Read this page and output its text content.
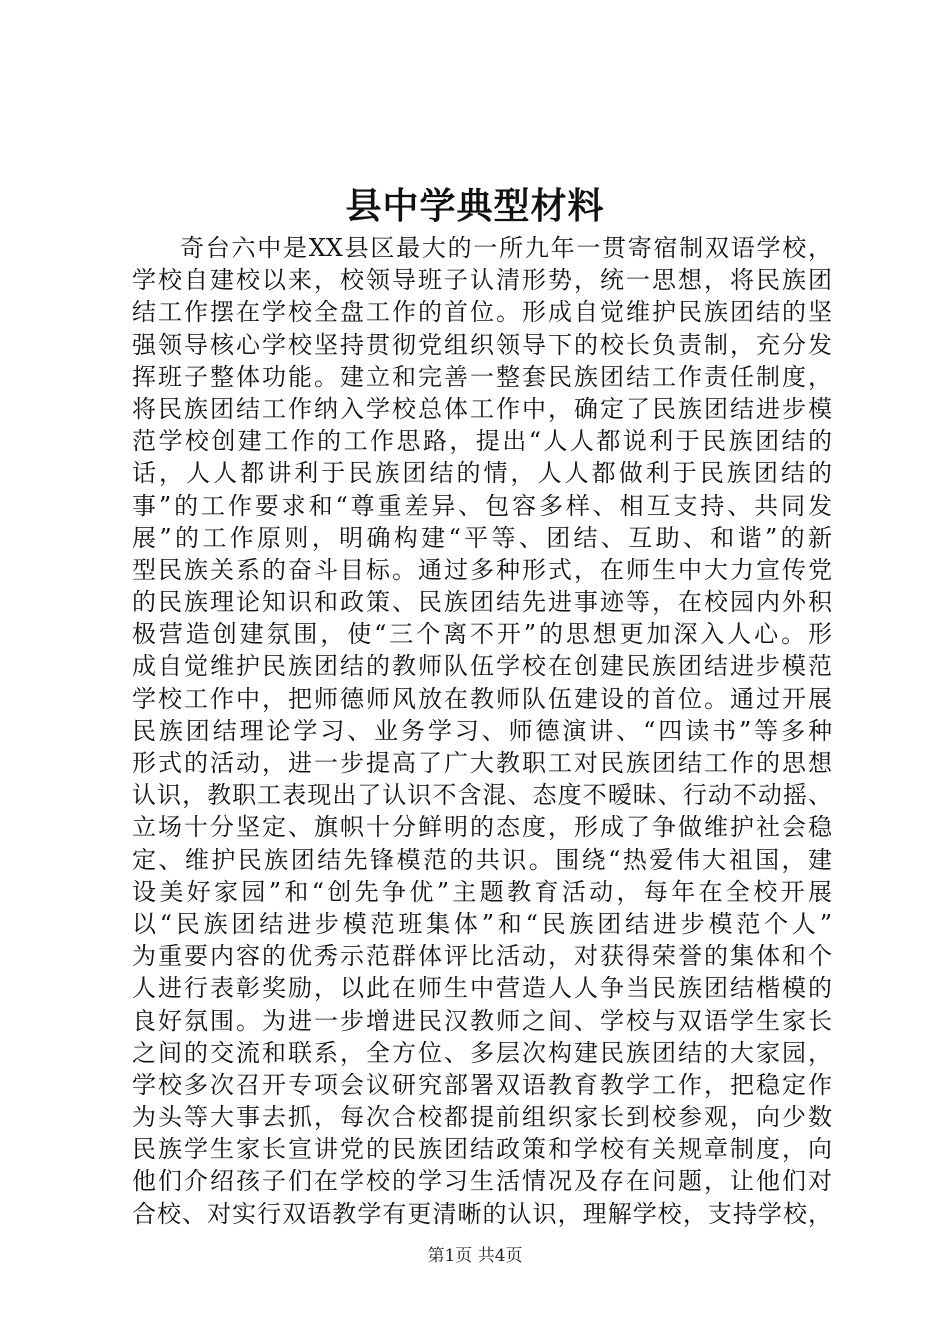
县中学典型材料
奇台六中是XX县区最大的一所九年一贯寄宿制双语学校，
学校自建校以来，校领导班子认清形势，统一思想，将民族团
结工作摆在学校全盘工作的首位。形成自觉维护民族团结的坚
强领导核心学校坚持贯彻党组织领导下的校长负责制，充分发
挥班子整体功能。建立和完善一整套民族团结工作责任制度，
将民族团结工作纳入学校总体工作中，确定了民族团结进步模
范学校创建工作的工作思路，提出“人人都说利于民族团结的
话，人人都讲利于民族团结的情，人人都做利于民族团结的
事”的工作要求和“尊重差异、包容多样、相互支持、共同发
展”的工作原则，明确构建“平等、团结、互助、和谐”的新
型民族关系的奋斗目标。通过多种形式，在师生中大力宣传党
的民族理论知识和政策、民族团结先进事迹等，在校园内外积
极营造创建氛围，使“三个离不开”的思想更加深入人心。形
成自觉维护民族团结的教师队伍学校在创建民族团结进步模范
学校工作中，把师德师风放在教师队伍建设的首位。通过开展
民族团结理论学习、业务学习、师德演讲、“四读书”等多种
形式的活动，进一步提高了广大教职工对民族团结工作的思想
认识，教职工表现出了认识不含混、态度不暧昧、行动不动摇、
立场十分坚定、旗帜十分鲜明的态度，形成了争做维护社会稳
定、维护民族团结先锋模范的共识。围绕“热爱伟大祖国，建
设美好家园”和“创先争优”主题教育活动，每年在全校开展
以“民族团结进步模范班集体”和“民族团结进步模范个人”
为重要内容的优秀示范群体评比活动，对获得荣誉的集体和个
人进行表彰奖励，以此在师生中营造人人争当民族团结楷模的
良好氛围。为进一步增进民汉教师之间、学校与双语学生家长
之间的交流和联系，全方位、多层次构建民族团结的大家园，
学校多次召开专项会议研究部署双语教育教学工作，把稳定作
为头等大事去抓，每次合校都提前组织家长到校参观，向少数
民族学生家长宣讲党的民族团结政策和学校有关规章制度，向
他们介绍孩子们在学校的学习生活情况及存在问题，让他们对
合校、对实行双语教学有更清晰的认识，理解学校，支持学校，
第1页 共4页
